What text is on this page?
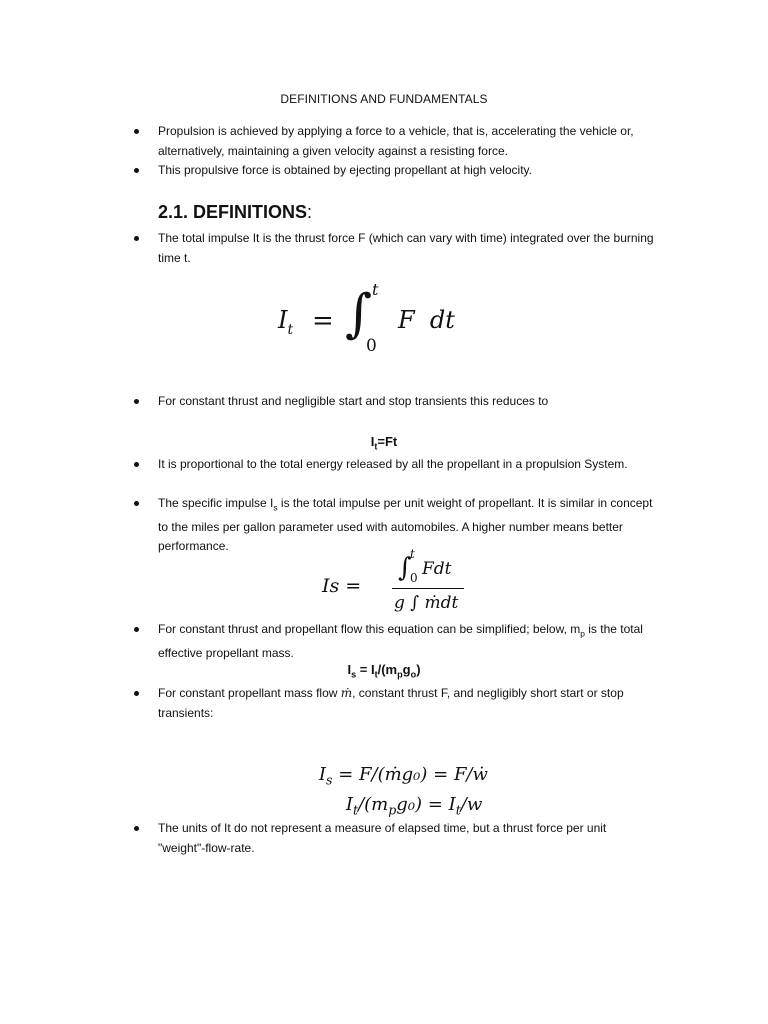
DEFINITIONS AND FUNDAMENTALS
Propulsion is achieved by applying a force to a vehicle, that is, accelerating the vehicle or, alternatively, maintaining a given velocity against a resisting force.
This propulsive force is obtained by ejecting propellant at high velocity.
2.1. DEFINITIONS:
The total impulse It is the thrust force F (which can vary with time) integrated over the burning time t.
$I_t$ = ∫ t
0
F  dt
For constant thrust and negligible start and stop transients this reduces to
$I_t=Ft$
It is proportional to the total energy released by all the propellant in a propulsion System.
The specific impulse $I_s$ is the total impulse per unit weight of propellant. It is similar in concept to the miles per gallon parameter used with automobiles. A higher number means better performance.
Is =
∫
t
0 Fdt
g ∫ ṁdt
For constant thrust and propellant flow this equation can be simplified; below, $m_p$ is the total effective propellant mass.
$I_s = I_t/(m_pg_o)$
For constant propellant mass flow ṁ, constant thrust F, and negligibly short start or stop transients:

$I_s$ = F/(ṁg₀) = F/ẇ

$I_t/(m_pg_0) = I_t/w$

The units of It do not represent a measure of elapsed time, but a thrust force per unit "weight"-flow-rate.
